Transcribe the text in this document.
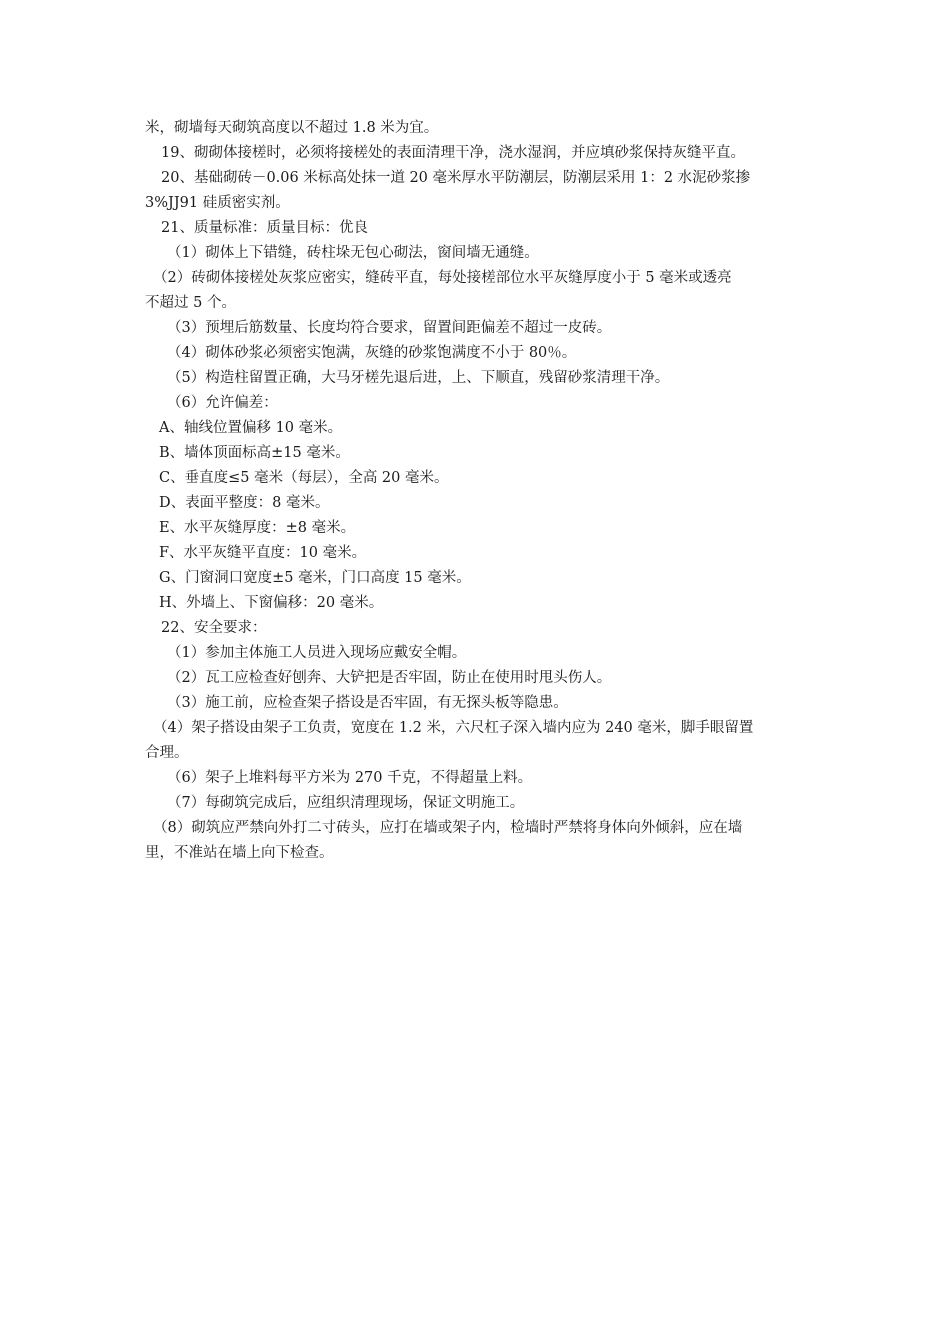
米，砌墙每天砌筑高度以不超过 1.8 米为宜。
19、砌砌体接槎时，必须将接槎处的表面清理干净，浇水湿润，并应填砂浆保持灰缝平直。
20、基础砌砖－0.06 米标高处抹一道 20 毫米厚水平防潮层，防潮层采用 1：2 水泥砂浆掺
3%JJ91 硅质密实剂。
21、质量标准：质量目标：优良
（1）砌体上下错缝，砖柱垛无包心砌法，窗间墙无通缝。
（2）砖砌体接槎处灰浆应密实，缝砖平直，每处接槎部位水平灰缝厚度小于 5 毫米或透亮
不超过 5 个。
（3）预埋后筋数量、长度均符合要求，留置间距偏差不超过一皮砖。
（4）砌体砂浆必须密实饱满，灰缝的砂浆饱满度不小于 80％。
（5）构造柱留置正确，大马牙槎先退后进，上、下顺直，残留砂浆清理干净。
（6）允许偏差：
A、轴线位置偏移 10 毫米。
B、墙体顶面标高±15 毫米。
C、垂直度≤5 毫米（每层），全高 20 毫米。
D、表面平整度：8 毫米。
E、水平灰缝厚度：±8 毫米。
F、水平灰缝平直度：10 毫米。
G、门窗洞口宽度±5 毫米，门口高度 15 毫米。
H、外墙上、下窗偏移：20 毫米。
22、安全要求：
（1）参加主体施工人员进入现场应戴安全帽。
（2）瓦工应检查好刨奔、大铲把是否牢固，防止在使用时甩头伤人。
（3）施工前，应检查架子搭设是否牢固，有无探头板等隐患。
（4）架子搭设由架子工负责，宽度在 1.2 米，六尺杠子深入墙内应为 240 毫米，脚手眼留置
合理。
（6）架子上堆料每平方米为 270 千克，不得超量上料。
（7）每砌筑完成后，应组织清理现场，保证文明施工。
（8）砌筑应严禁向外打二寸砖头，应打在墙或架子内，检墙时严禁将身体向外倾斜，应在墙
里，不准站在墙上向下检查。
